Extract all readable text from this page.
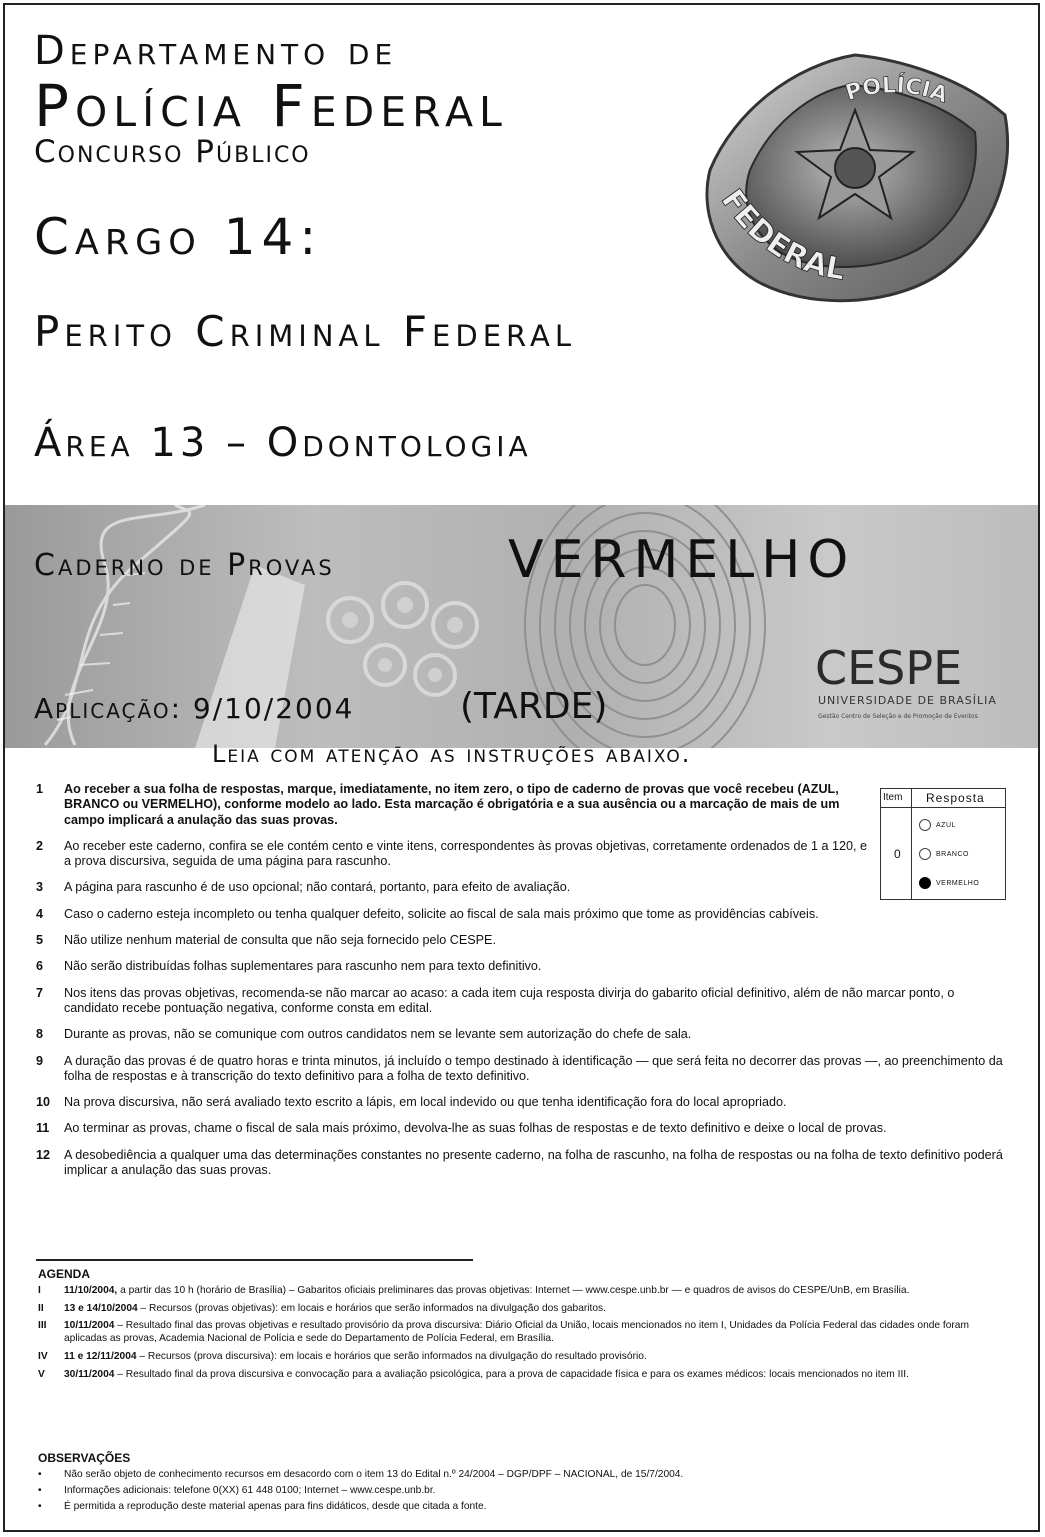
Departamento de
Polícia Federal
Concurso Público
Cargo 14:
Perito Criminal Federal
Área 13 – Odontologia
POLÍCIA
FEDERAL
Caderno de Provas	VERMELHO
Aplicação: 9/10/2004	(TARDE)
CESPE
UNIVERSIDADE DE BRASÍLIA
Gestão Centro de Seleção e de Promoção de Eventos
Leia com atenção as instruções abaixo.
Item Resposta
0
AZUL
BRANCO
VERMELHO
1	Ao receber a sua folha de respostas, marque, imediatamente, no item zero, o tipo de caderno de provas que você recebeu (AZUL, BRANCO ou VERMELHO), conforme modelo ao lado. Esta marcação é obrigatória e a sua ausência ou a marcação de mais de um campo implicará a anulação das suas provas.
2	Ao receber este caderno, confira se ele contém cento e vinte itens, correspondentes às provas objetivas, corretamente ordenados de 1 a 120, e a prova discursiva, seguida de uma página para rascunho.
3	A página para rascunho é de uso opcional; não contará, portanto, para efeito de avaliação.
4	Caso o caderno esteja incompleto ou tenha qualquer defeito, solicite ao fiscal de sala mais próximo que tome as providências cabíveis.
5	Não utilize nenhum material de consulta que não seja fornecido pelo CESPE.
6	Não serão distribuídas folhas suplementares para rascunho nem para texto definitivo.
7	Nos itens das provas objetivas, recomenda-se não marcar ao acaso: a cada item cuja resposta divirja do gabarito oficial definitivo, além de não marcar ponto, o candidato recebe pontuação negativa, conforme consta em edital.
8	Durante as provas, não se comunique com outros candidatos nem se levante sem autorização do chefe de sala.
9	A duração das provas é de quatro horas e trinta minutos, já incluído o tempo destinado à identificação — que será feita no decorrer das provas —, ao preenchimento da folha de respostas e à transcrição do texto definitivo para a folha de texto definitivo.
10	Na prova discursiva, não será avaliado texto escrito a lápis, em local indevido ou que tenha identificação fora do local apropriado.
11	Ao terminar as provas, chame o fiscal de sala mais próximo, devolva-lhe as suas folhas de respostas e de texto definitivo e deixe o local de provas.
12	A desobediência a qualquer uma das determinações constantes no presente caderno, na folha de rascunho, na folha de respostas ou na folha de texto definitivo poderá implicar a anulação das suas provas.
AGENDA
I	11/10/2004, a partir das 10 h (horário de Brasília) – Gabaritos oficiais preliminares das provas objetivas: Internet — www.cespe.unb.br — e quadros de avisos do CESPE/UnB, em Brasília.
II	13 e 14/10/2004 – Recursos (provas objetivas): em locais e horários que serão informados na divulgação dos gabaritos.
III	10/11/2004 – Resultado final das provas objetivas e resultado provisório da prova discursiva: Diário Oficial da União, locais mencionados no item I, Unidades da Polícia Federal das cidades onde foram aplicadas as provas, Academia Nacional de Polícia e sede do Departamento de Polícia Federal, em Brasília.
IV	11 e 12/11/2004 – Recursos (prova discursiva): em locais e horários que serão informados na divulgação do resultado provisório.
V	30/11/2004 – Resultado final da prova discursiva e convocação para a avaliação psicológica, para a prova de capacidade física e para os exames médicos: locais mencionados no item III.
OBSERVAÇÕES
•	Não serão objeto de conhecimento recursos em desacordo com o item 13 do Edital n.º 24/2004 – DGP/DPF – NACIONAL, de 15/7/2004.
•	Informações adicionais: telefone 0(XX) 61 448 0100; Internet – www.cespe.unb.br.
•	É permitida a reprodução deste material apenas para fins didáticos, desde que citada a fonte.
